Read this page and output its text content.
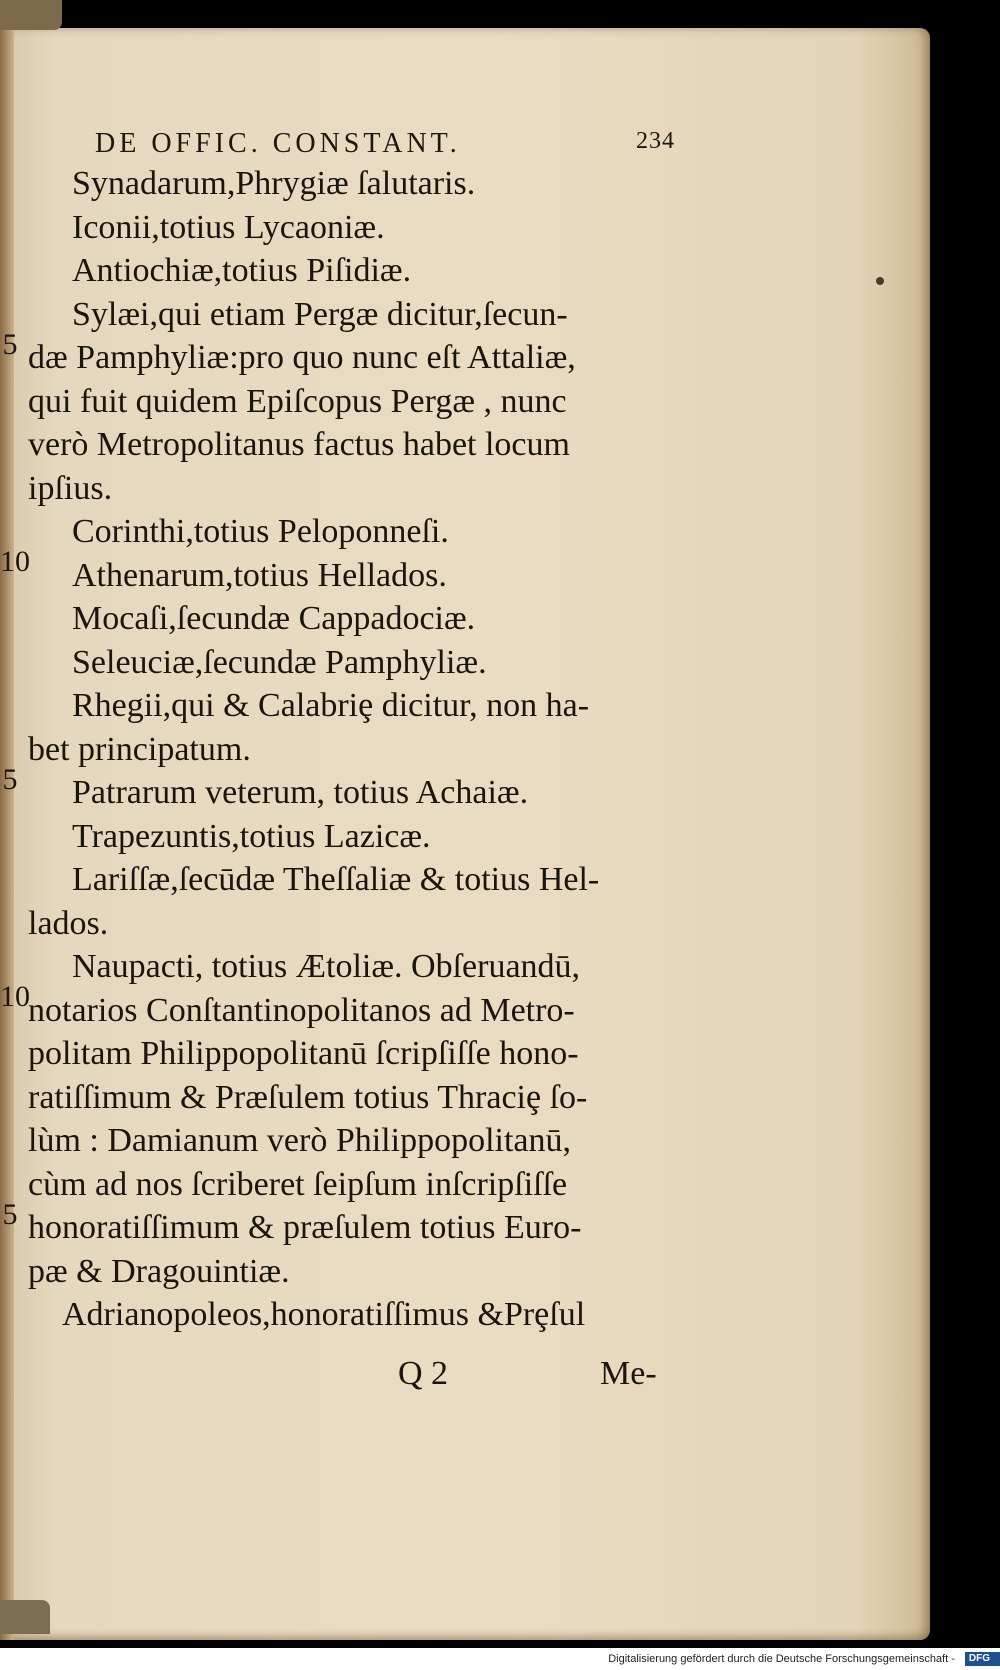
DE OFFIC. CONSTANT.	234
Synadarum,Phrygiæ ſalutaris.
Iconii,totius Lycaoniæ.
Antiochiæ,totius Piſidiæ.
Sylæi,qui etiam Pergæ dicitur,ſecun-
dæ Pamphyliæ:pro quo nunc eſt Attaliæ,
qui fuit quidem Epiſcopus Pergæ , nunc
verò Metropolitanus factus habet locum
ipſius.
Corinthi,totius Peloponneſi.
Athenarum,totius Hellados.
Mocaſi,ſecundæ Cappadociæ.
Seleuciæ,ſecundæ Pamphyliæ.
Rhegii,qui & Calabriȩ dicitur, non ha-
bet principatum.
Patrarum veterum, totius Achaiæ.
Trapezuntis,totius Lazicæ.
Lariſſæ,ſecūdæ Theſſaliæ & totius Hel-
lados.
Naupacti, totius Ætoliæ. Obſeruandū,
notarios Conſtantinopolitanos ad Metro-
politam Philippopolitanū ſcripſiſſe hono-
ratiſſimum & Præſulem totius Thraciȩ ſo-
lùm : Damianum verò Philippopolitanū,
cùm ad nos ſcriberet ſeipſum inſcripſiſſe
honoratiſſimum & præſulem totius Euro-
pæ & Dragouintiæ.
Adrianopoleos,honoratiſſimus &Prȩſul
5
10
5
10
5
Q 2	Me-
Digitalisierung gefördert durch die Deutsche Forschungsgemeinschaft - DFG
